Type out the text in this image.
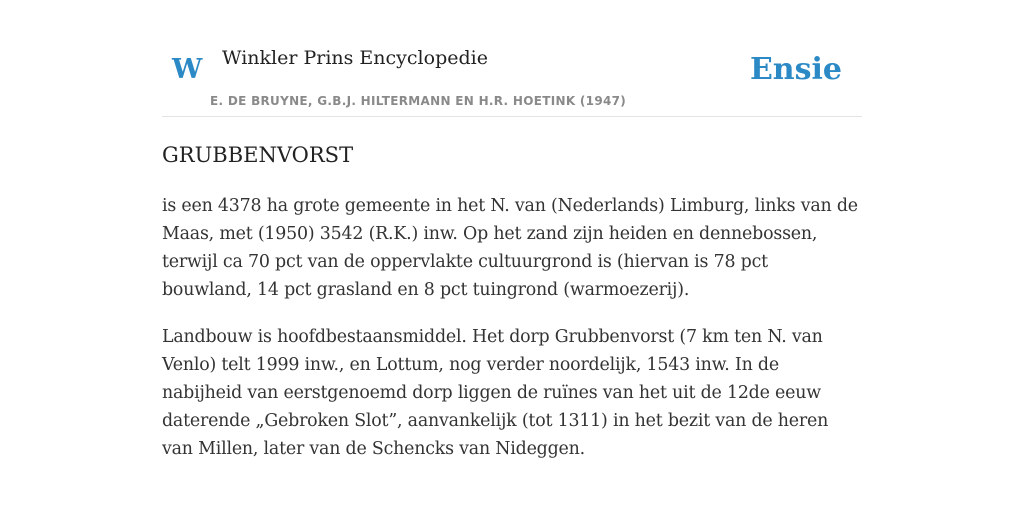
W Winkler Prins Encyclopedie
E. DE BRUYNE, G.B.J. HILTERMANN EN H.R. HOETINK (1947)
Ensie
GRUBBENVORST

is een 4378 ha grote gemeente in het N. van (Nederlands) Limburg, links van de Maas, met (1950) 3542 (R.K.) inw. Op het zand zijn heiden en dennebossen, terwijl ca 70 pct van de oppervlakte cultuurgrond is (hiervan is 78 pct bouwland, 14 pct grasland en 8 pct tuingrond (warmoezerij).

Landbouw is hoofdbestaansmiddel. Het dorp Grubbenvorst (7 km ten N. van Venlo) telt 1999 inw., en Lottum, nog verder noordelijk, 1543 inw. In de nabijheid van eerstgenoemd dorp liggen de ruïnes van het uit de 12de eeuw daterende „Gebroken Slot”, aanvankelijk (tot 1311) in het bezit van de heren van Millen, later van de Schencks van Nideggen.
